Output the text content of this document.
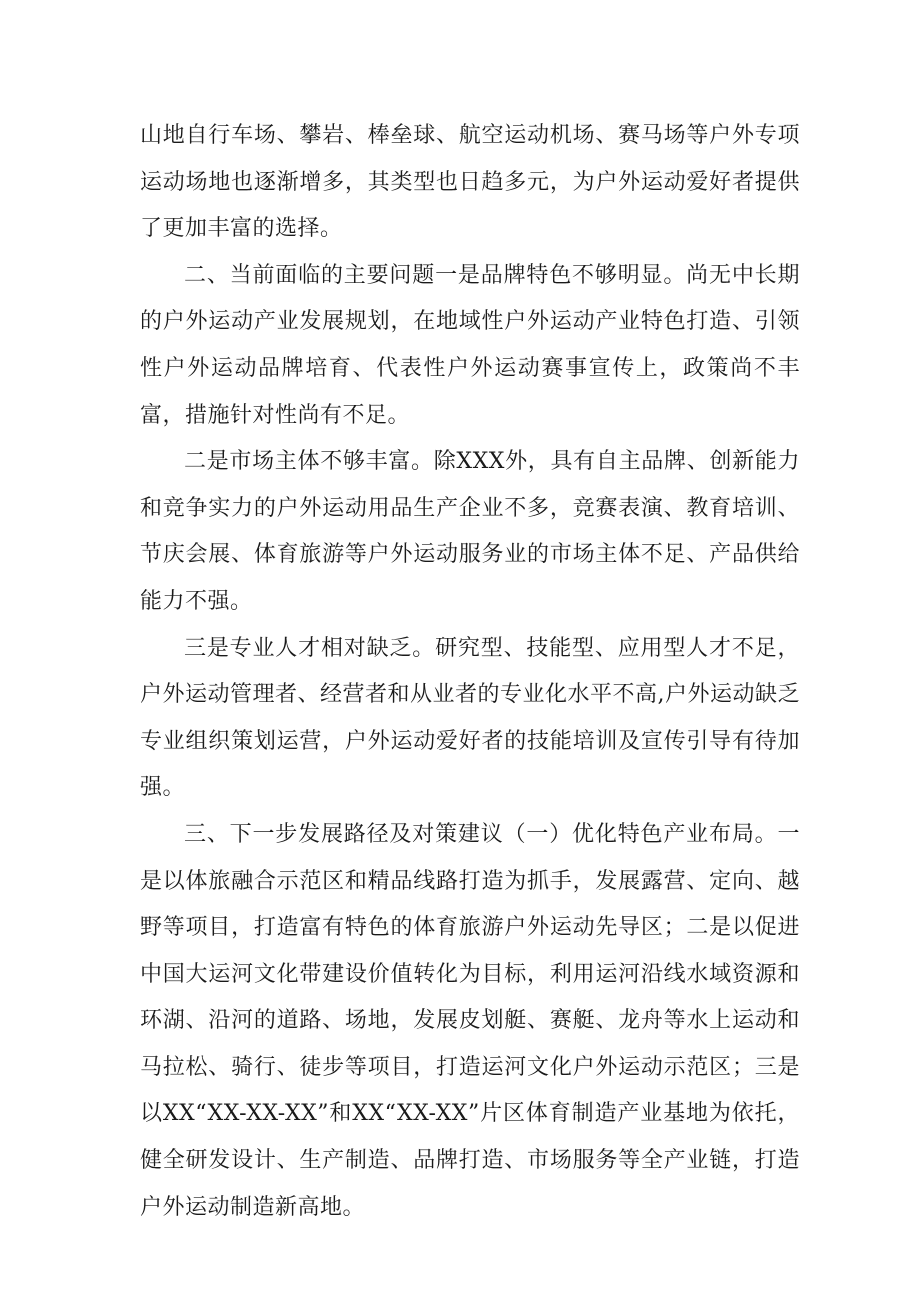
山地自行车场、攀岩、棒垒球、航空运动机场、赛马场等户外专项运动场地也逐渐增多，其类型也日趋多元，为户外运动爱好者提供了更加丰富的选择。

二、当前面临的主要问题一是品牌特色不够明显。尚无中长期的户外运动产业发展规划，在地域性户外运动产业特色打造、引领性户外运动品牌培育、代表性户外运动赛事宣传上，政策尚不丰富，措施针对性尚有不足。

二是市场主体不够丰富。除XXX外，具有自主品牌、创新能力和竞争实力的户外运动用品生产企业不多，竞赛表演、教育培训、节庆会展、体育旅游等户外运动服务业的市场主体不足、产品供给能力不强。

三是专业人才相对缺乏。研究型、技能型、应用型人才不足，户外运动管理者、经营者和从业者的专业化水平不高,户外运动缺乏专业组织策划运营，户外运动爱好者的技能培训及宣传引导有待加强。

三、下一步发展路径及对策建议（一）优化特色产业布局。一是以体旅融合示范区和精品线路打造为抓手，发展露营、定向、越野等项目，打造富有特色的体育旅游户外运动先导区；二是以促进中国大运河文化带建设价值转化为目标，利用运河沿线水域资源和环湖、沿河的道路、场地，发展皮划艇、赛艇、龙舟等水上运动和马拉松、骑行、徒步等项目，打造运河文化户外运动示范区；三是以XX“XX-XX-XX”和XX“XX-XX”片区体育制造产业基地为依托，健全研发设计、生产制造、品牌打造、市场服务等全产业链，打造户外运动制造新高地。
